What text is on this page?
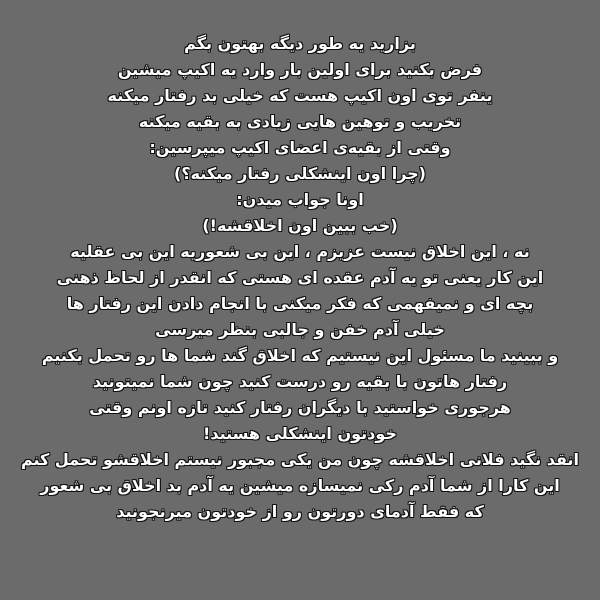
بزارید یه طور دیگه بهتون بگم
فرض بکنید برای اولین بار وارد یه اکیپ میشین
ینفر توی اون اکیپ هست که خیلی بد رفتار میکنه
تخریب و توهین هایی زیادی به بقیه میکنه
وقتی از بقیه‌ی اعضای اکیپ میپرسین:
(چرا اون اینشکلی رفتار میکنه؟)
اونا جواب میدن:
(خب ببین اون اخلاقشه!)
نه ، این اخلاق نیست عزیزم ، این بی شعوریه این بی عقلیه
این کار یعنی تو یه آدم عقده ای هستی که انقدر از لحاظ ذهنی
بچه ای و نمیفهمی که فکر میکنی با انجام دادن این رفتار ها
خیلی آدم خفن و جالبی بنظر میرسی
و ببینید ما مسئول این نیستیم که اخلاق گند شما ها رو تحمل بکنیم
رفتار هاتون با بقیه رو درست کنید چون شما نمیتونید
هرجوری خواستید با دیگران رفتار کنید تازه اونم وقتی
خودتون اینشکلی هستید!
انقد نگید فلانی اخلاقشه چون من یکی مجبور نیستم اخلاقشو تحمل کنم
این کارا از شما آدم رکی نمیسازه میشین یه آدم بد اخلاق بی شعور
که فقط آدمای دورتون رو از خودتون میرنجونید
